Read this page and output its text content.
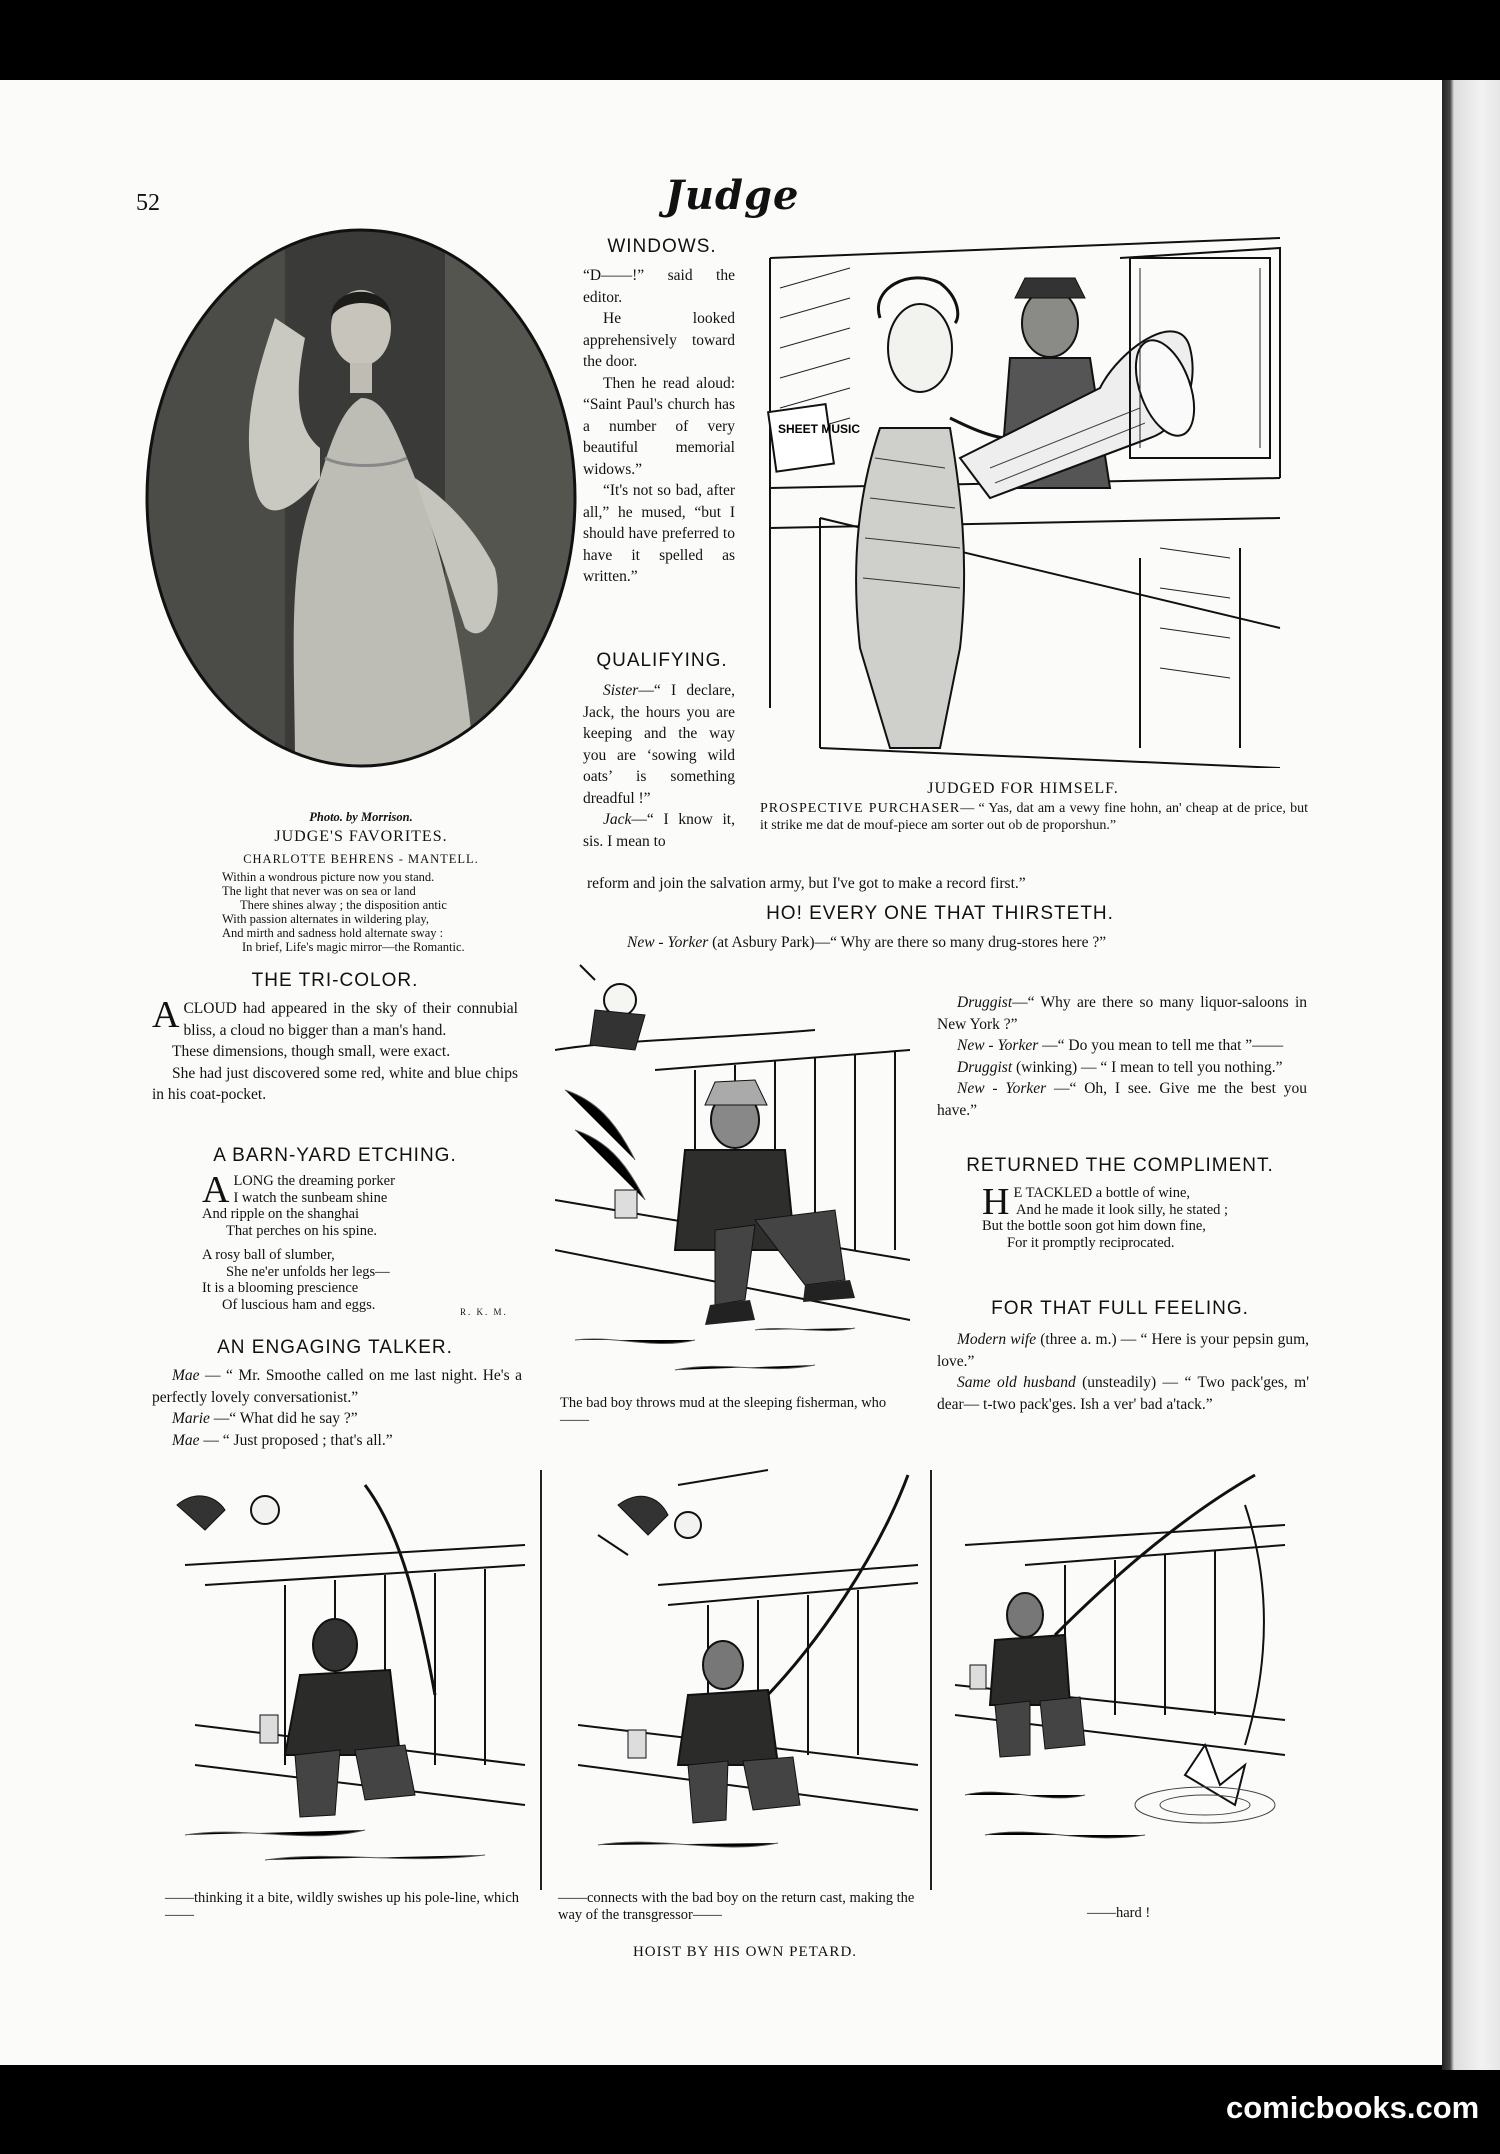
52	Judge
Photo. by Morrison.
JUDGE'S FAVORITES.
CHARLOTTE BEHRENS - MANTELL.
Within a wondrous picture now you stand.
The light that never was on sea or land
There shines alway ; the disposition antic
With passion alternates in wildering play,
And mirth and sadness hold alternate sway :
In brief, Life's magic mirror—the Romantic.
WINDOWS.

“D——!” said the editor.

He looked apprehensively toward the door.

Then he read aloud: “Saint Paul's church has a number of very beautiful memorial widows.”

“It's not so bad, after all,” he mused, “but I should have preferred to have it spelled as written.”

QUALIFYING.

Sister—“ I declare, Jack, the hours you are keeping and the way you are ‘sowing wild oats’ is something dreadful !”

Jack—“ I know it, sis. I mean to

reform and join the salvation army, but I've got to make a record first.”
SHEET MUSIC
JUDGED FOR HIMSELF.
PROSPECTIVE PURCHASER— “ Yas, dat am a vewy fine hohn, an' cheap at de price, but it strike me dat de mouf-piece am sorter out ob de proporshun.”
HO! EVERY ONE THAT THIRSTETH.
New - Yorker (at Asbury Park)—“ Why are there so many drug-stores here ?”
The bad boy throws mud at the sleeping fisherman, who——

Druggist—“ Why are there so many liquor-saloons in New York ?”

New - Yorker —“ Do you mean to tell me that ”——

Druggist (winking) — “ I mean to tell you nothing.”

New - Yorker —“ Oh, I see. Give me the best you have.”

RETURNED THE COMPLIMENT.
H E TACKLED a bottle of wine,
And he made it look silly, he stated ;
But the bottle soon got him down fine,
For it promptly reciprocated.
FOR THAT FULL FEELING.

Modern wife (three a. m.) — “ Here is your pepsin gum, love.”

Same old husband (unsteadily) — “ Two pack'ges, m' dear— t-two pack'ges. Ish a ver' bad a'tack.”

THE TRI-COLOR.

ACLOUD had appeared in the sky of their connubial bliss, a cloud no bigger than a man's hand.

These dimensions, though small, were exact.

She had just discovered some red, white and blue chips in his coat-pocket.

A BARN-YARD ETCHING.
A LONG the dreaming porker
I watch the sunbeam shine
And ripple on the shanghai
That perches on his spine.
A rosy ball of slumber,
She ne'er unfolds her legs—
It is a blooming prescience
Of luscious ham and eggs.	R. K. M.
AN ENGAGING TALKER.

Mae — “ Mr. Smoothe called on me last night. He's a perfectly lovely conversationist.”

Marie —“ What did he say ?”

Mae — “ Just proposed ; that's all.”

——thinking it a bite, wildly swishes up his pole-line, which——
——connects with the bad boy on the return cast, making the way of the transgressor——	——hard !
HOIST BY HIS OWN PETARD.
comicbooks.com
